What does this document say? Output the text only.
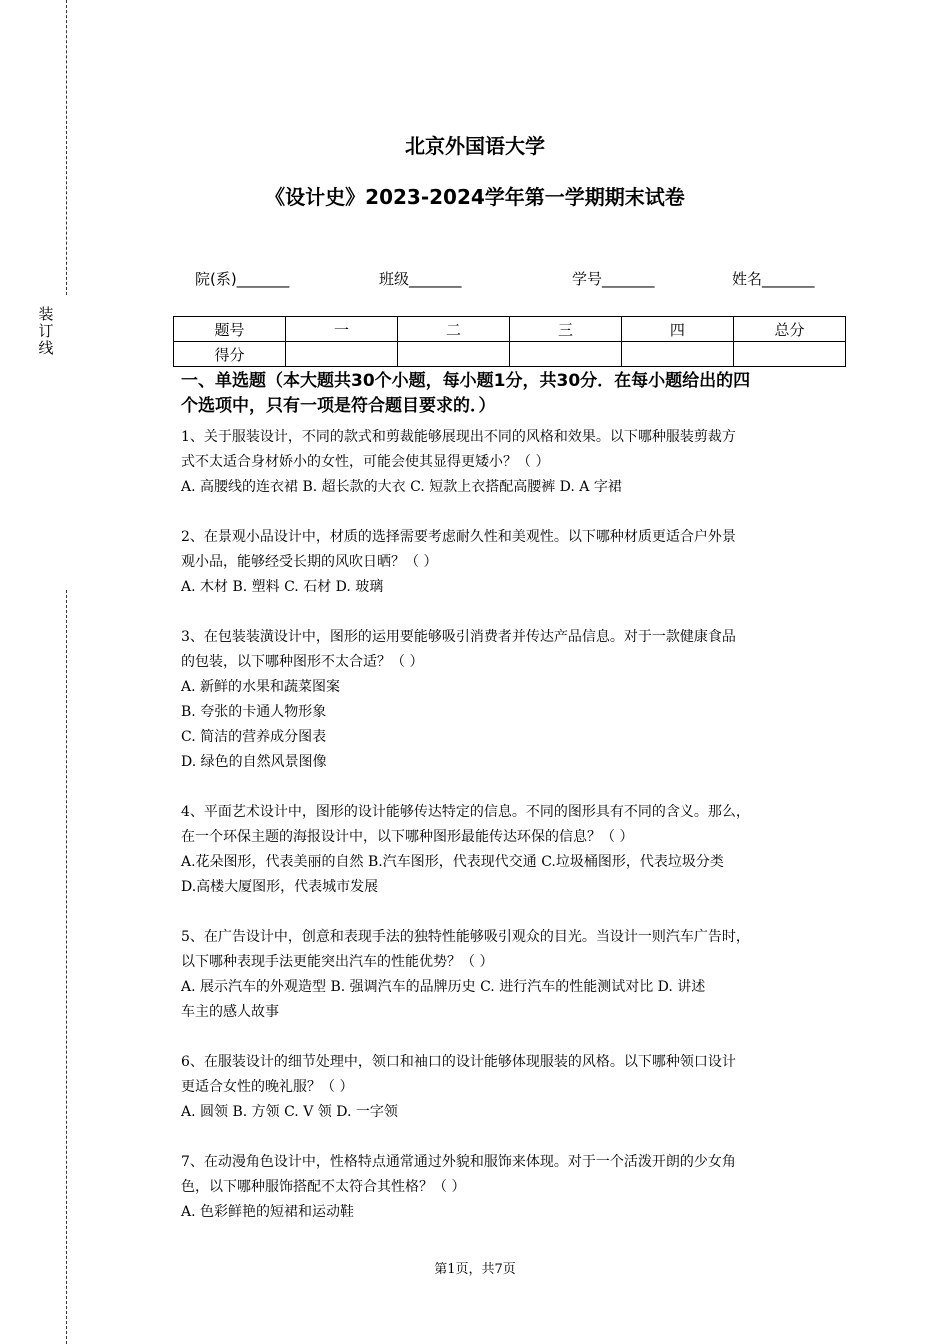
装
订
线
北京外国语大学
《设计史》2023-2024学年第一学期期末试卷
院(系)_______	班级_______	学号_______	姓名_______
题号	一	二	三	四	总分
得分					

一、单选题（本大题共30个小题，每小题1分，共30分．在每小题给出的四
个选项中，只有一项是符合题目要求的．）

1、关于服装设计，不同的款式和剪裁能够展现出不同的风格和效果。以下哪种服装剪裁方

式不太适合身材娇小的女性，可能会使其显得更矮小？（ ）

A. 高腰线的连衣裙 B. 超长款的大衣 C. 短款上衣搭配高腰裤 D. A 字裙

2、在景观小品设计中，材质的选择需要考虑耐久性和美观性。以下哪种材质更适合户外景

观小品，能够经受长期的风吹日晒？（ ）

A. 木材 B. 塑料 C. 石材 D. 玻璃

3、在包装装潢设计中，图形的运用要能够吸引消费者并传达产品信息。对于一款健康食品

的包装，以下哪种图形不太合适？（ ）

A. 新鲜的水果和蔬菜图案

B. 夸张的卡通人物形象

C. 简洁的营养成分图表

D. 绿色的自然风景图像

4、平面艺术设计中，图形的设计能够传达特定的信息。不同的图形具有不同的含义。那么，

在一个环保主题的海报设计中，以下哪种图形最能传达环保的信息？（ ）

A.花朵图形，代表美丽的自然 B.汽车图形，代表现代交通 C.垃圾桶图形，代表垃圾分类

D.高楼大厦图形，代表城市发展

5、在广告设计中，创意和表现手法的独特性能够吸引观众的目光。当设计一则汽车广告时，

以下哪种表现手法更能突出汽车的性能优势？（ ）

A. 展示汽车的外观造型 B. 强调汽车的品牌历史 C. 进行汽车的性能测试对比 D. 讲述

车主的感人故事

6、在服装设计的细节处理中，领口和袖口的设计能够体现服装的风格。以下哪种领口设计

更适合女性的晚礼服？（ ）

A. 圆领 B. 方领 C. V 领 D. 一字领

7、在动漫角色设计中，性格特点通常通过外貌和服饰来体现。对于一个活泼开朗的少女角

色，以下哪种服饰搭配不太符合其性格？（ ）

A. 色彩鲜艳的短裙和运动鞋

第1页，共7页
